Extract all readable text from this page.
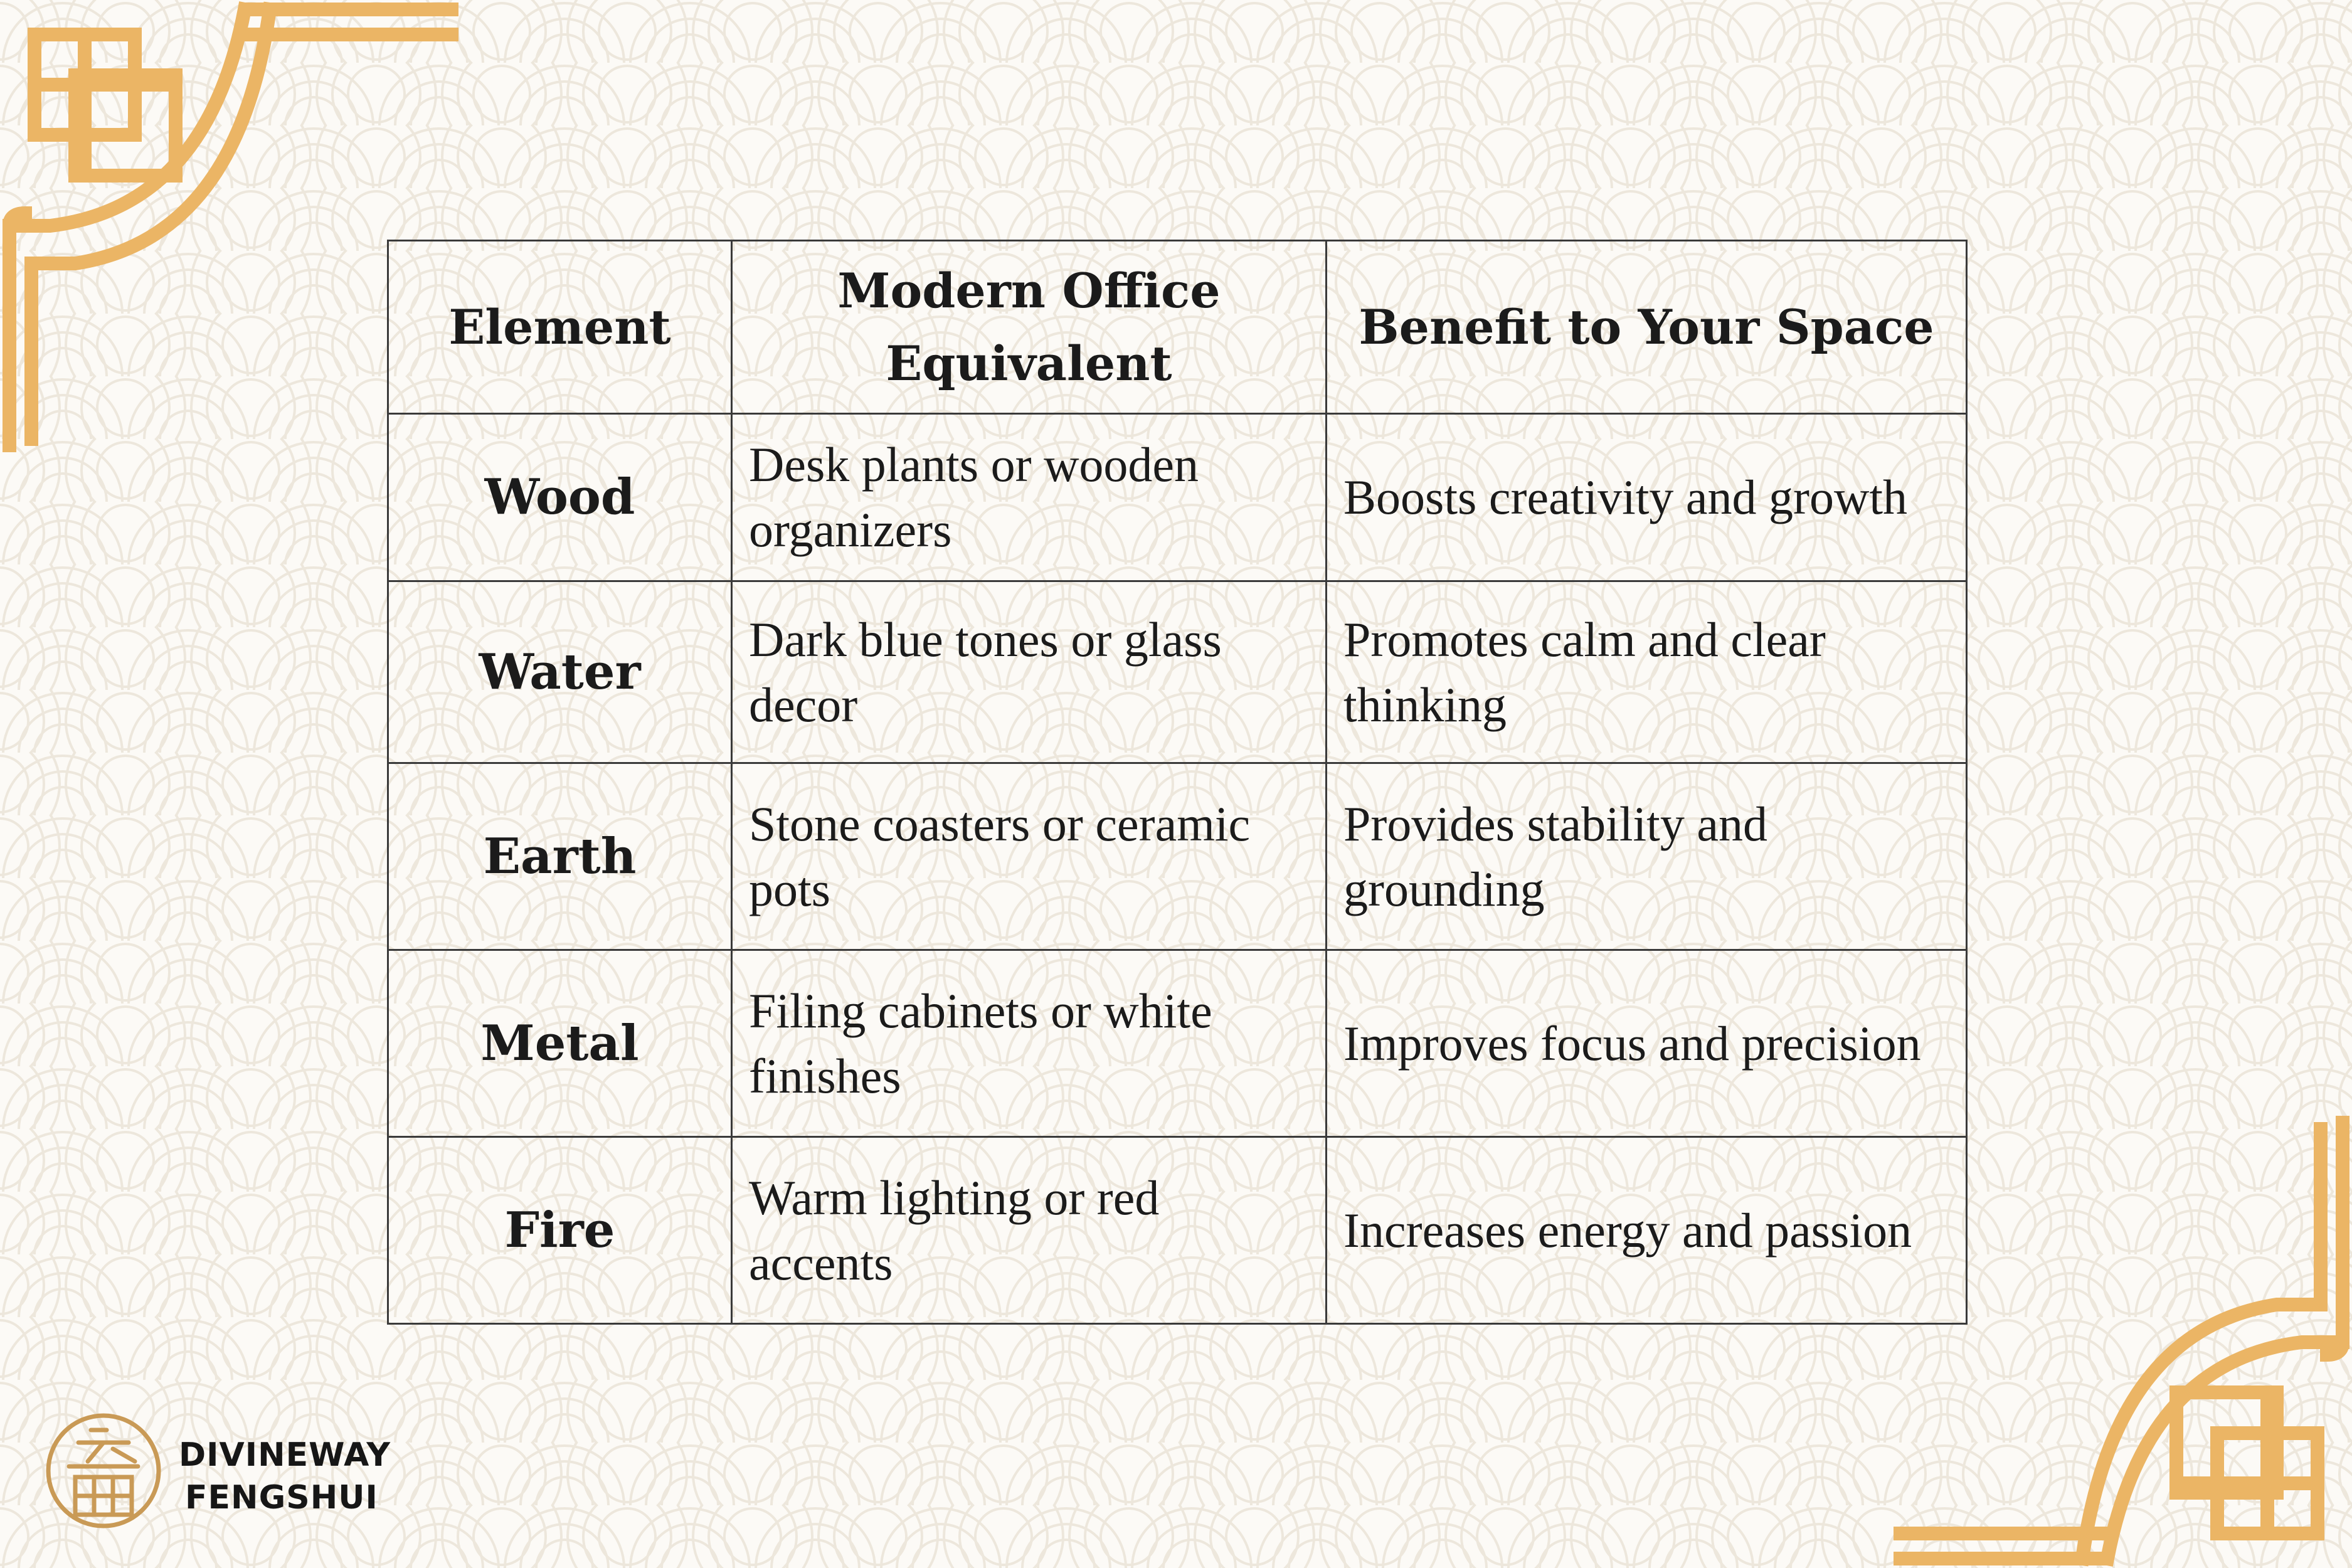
Element	Modern Office Equivalent	Benefit to Your Space
Wood	Desk plants or wooden organizers	Boosts creativity and growth
Water	Dark blue tones or glass decor	Promotes calm and clear thinking
Earth	Stone coasters or ceramic pots	Provides stability and grounding
Metal	Filing cabinets or white finishes	Improves focus and precision
Fire	Warm lighting or red accents	Increases energy and passion
DIVINEWAY
FENGSHUI
